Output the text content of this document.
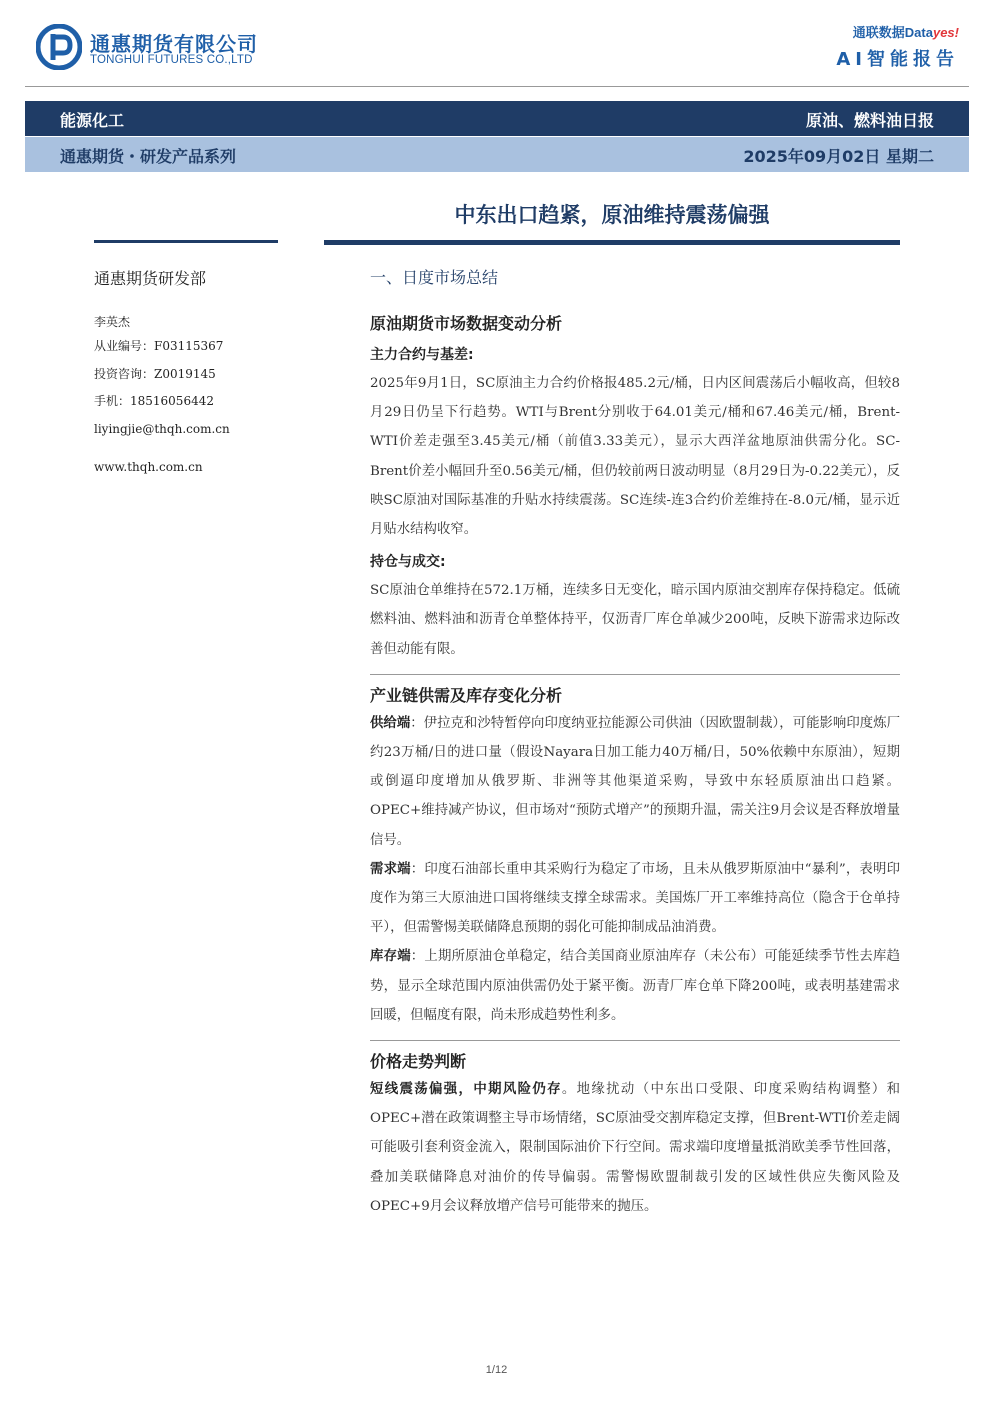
通惠期货有限公司
TONGHUI FUTURES CO.,LTD
通联数据Datayes!
AI智能报告
能源化工	原油、燃料油日报
通惠期货・研发产品系列	2025年09月02日 星期二
中东出口趋紧，原油维持震荡偏强
通惠期货研发部
李英杰
从业编号：F03115367
投资咨询：Z0019145
手机：18516056442
liyingjie@thqh.com.cn
www.thqh.com.cn
一、日度市场总结
原油期货市场数据变动分析
主力合约与基差:

2025年9月1日，SC原油主力合约价格报485.2元/桶，日内区间震荡后小幅收高，但较8月29日仍呈下行趋势。WTI与Brent分别收于64.01美元/桶和67.46美元/桶，Brent-WTI价差走强至3.45美元/桶（前值3.33美元），显示大西洋盆地原油供需分化。SC-Brent价差小幅回升至0.56美元/桶，但仍较前两日波动明显（8月29日为-0.22美元），反映SC原油对国际基准的升贴水持续震荡。SC连续-连3合约价差维持在-8.0元/桶，显示近月贴水结构收窄。

持仓与成交:

SC原油仓单维持在572.1万桶，连续多日无变化，暗示国内原油交割库存保持稳定。低硫燃料油、燃料油和沥青仓单整体持平，仅沥青厂库仓单减少200吨，反映下游需求边际改善但动能有限。

产业链供需及库存变化分析

供给端：伊拉克和沙特暂停向印度纳亚拉能源公司供油（因欧盟制裁），可能影响印度炼厂约23万桶/日的进口量（假设Nayara日加工能力40万桶/日，50%依赖中东原油），短期或倒逼印度增加从俄罗斯、非洲等其他渠道采购，导致中东轻质原油出口趋紧。OPEC+维持减产协议，但市场对“预防式增产”的预期升温，需关注9月会议是否释放增量信号。

需求端：印度石油部长重申其采购行为稳定了市场，且未从俄罗斯原油中“暴利”，表明印度作为第三大原油进口国将继续支撑全球需求。美国炼厂开工率维持高位（隐含于仓单持平），但需警惕美联储降息预期的弱化可能抑制成品油消费。

库存端：上期所原油仓单稳定，结合美国商业原油库存（未公布）可能延续季节性去库趋势，显示全球范围内原油供需仍处于紧平衡。沥青厂库仓单下降200吨，或表明基建需求回暖，但幅度有限，尚未形成趋势性利多。

价格走势判断

短线震荡偏强，中期风险仍存。地缘扰动（中东出口受限、印度采购结构调整）和OPEC+潜在政策调整主导市场情绪，SC原油受交割库稳定支撑，但Brent-WTI价差走阔可能吸引套利资金流入，限制国际油价下行空间。需求端印度增量抵消欧美季节性回落，叠加美联储降息对油价的传导偏弱。需警惕欧盟制裁引发的区域性供应失衡风险及OPEC+9月会议释放增产信号可能带来的抛压。

1/12
